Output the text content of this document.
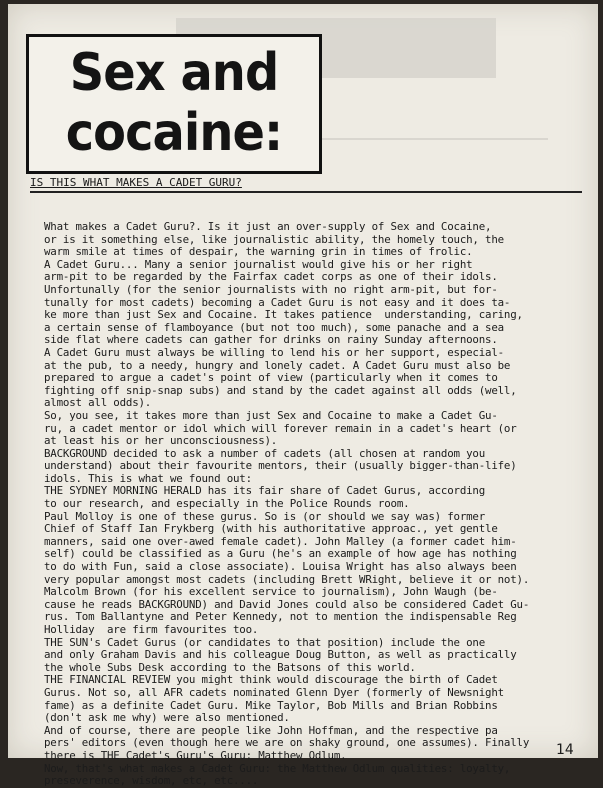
Sex and
cocaine:
IS THIS WHAT MAKES A CADET GURU?

What makes a Cadet Guru?. Is it just an over-supply of Sex and Cocaine,
or is it something else, like journalistic ability, the homely touch, the
warm smile at times of despair, the warning grin in times of frolic.

A Cadet Guru... Many a senior journalist would give his or her right
arm-pit to be regarded by the Fairfax cadet corps as one of their idols.

Unfortunally (for the senior journalists with no right arm-pit, but for-
tunally for most cadets) becoming a Cadet Guru is not easy and it does ta-
ke more than just Sex and Cocaine. It takes patience  understanding, caring,
a certain sense of flamboyance (but not too much), some panache and a sea
side flat where cadets can gather for drinks on rainy Sunday afternoons.

A Cadet Guru must always be willing to lend his or her support, especial-
at the pub, to a needy, hungry and lonely cadet. A Cadet Guru must also be
prepared to argue a cadet's point of view (particularly when it comes to
fighting off snip-snap subs) and stand by the cadet against all odds (well,
almost all odds).

So, you see, it takes more than just Sex and Cocaine to make a Cadet Gu-
ru, a cadet mentor or idol which will forever remain in a cadet's heart (or
at least his or her unconsciousness).

BACKGROUND decided to ask a number of cadets (all chosen at random you
understand) about their favourite mentors, their (usually bigger-than-life)
idols. This is what we found out:

THE SYDNEY MORNING HERALD has its fair share of Cadet Gurus, according
to our research, and especially in the Police Rounds room.

Paul Molloy is one of these gurus. So is (or should we say was) former
Chief of Staff Ian Frykberg (with his authoritative approac., yet gentle
manners, said one over-awed female cadet). John Malley (a former cadet him-
self) could be classified as a Guru (he's an example of how age has nothing
to do with Fun, said a close associate). Louisa Wright has also always been
very popular amongst most cadets (including Brett WRight, believe it or not).

Malcolm Brown (for his excellent service to journalism), John Waugh (be-
cause he reads BACKGROUND) and David Jones could also be considered Cadet Gu-
rus. Tom Ballantyne and Peter Kennedy, not to mention the indispensable Reg
Holliday  are firm favourites too.

THE SUN's Cadet Gurus (or candidates to that position) include the one
and only Graham Davis and his colleague Doug Button, as well as practically
the whole Subs Desk according to the Batsons of this world.

THE FINANCIAL REVIEW you might think would discourage the birth of Cadet
Gurus. Not so, all AFR cadets nominated Glenn Dyer (formerly of Newsnight
fame) as a definite Cadet Guru. Mike Taylor, Bob Mills and Brian Robbins
(don't ask me why) were also mentioned.

And of course, there are people like John Hoffman, and the respective pa
pers' editors (even though here we are on shaky ground, one assumes). Finally
there is THE Cadet's Guru's Guru: Matthew Odlum.

Now, that's what makes a Cadet Guru: the Matthew Odlum qualities: loyalty,
preseverence, wisdom, etc, etc....

14
